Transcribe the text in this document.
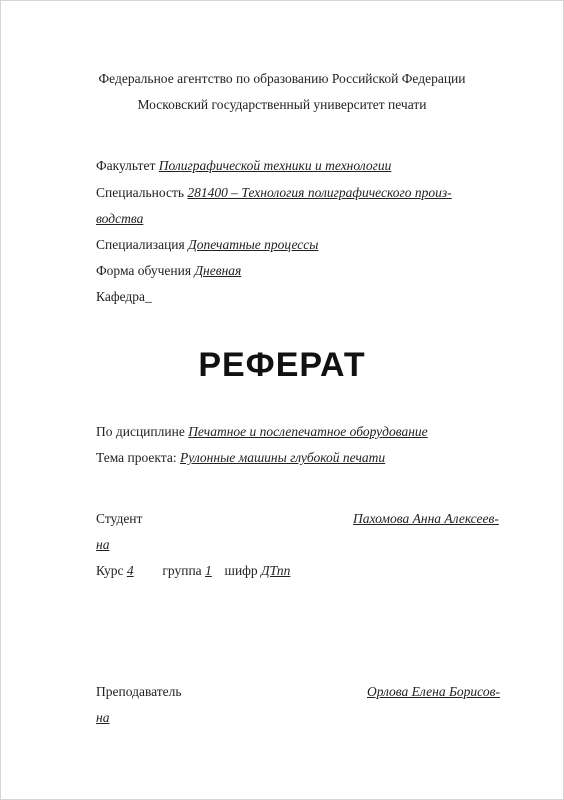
Федеральное агентство по образованию Российской Федерации
Московский государственный университет печати
Факультет Полиграфической техники и технологии
Специальность 281400 – Технология полиграфического произ-
водства
Специализация Допечатные процессы
Форма обучения Дневная
Кафедра_
РЕФЕРАТ
По дисциплине Печатное и послепечатное оборудование
Тема проекта: Рулонные машины глубокой печати
Студент	Пахомова Анна Алексеев-
на
Курс 4 группа 1 шифр ДТпп
Преподаватель	Орлова Елена Борисов-
на
